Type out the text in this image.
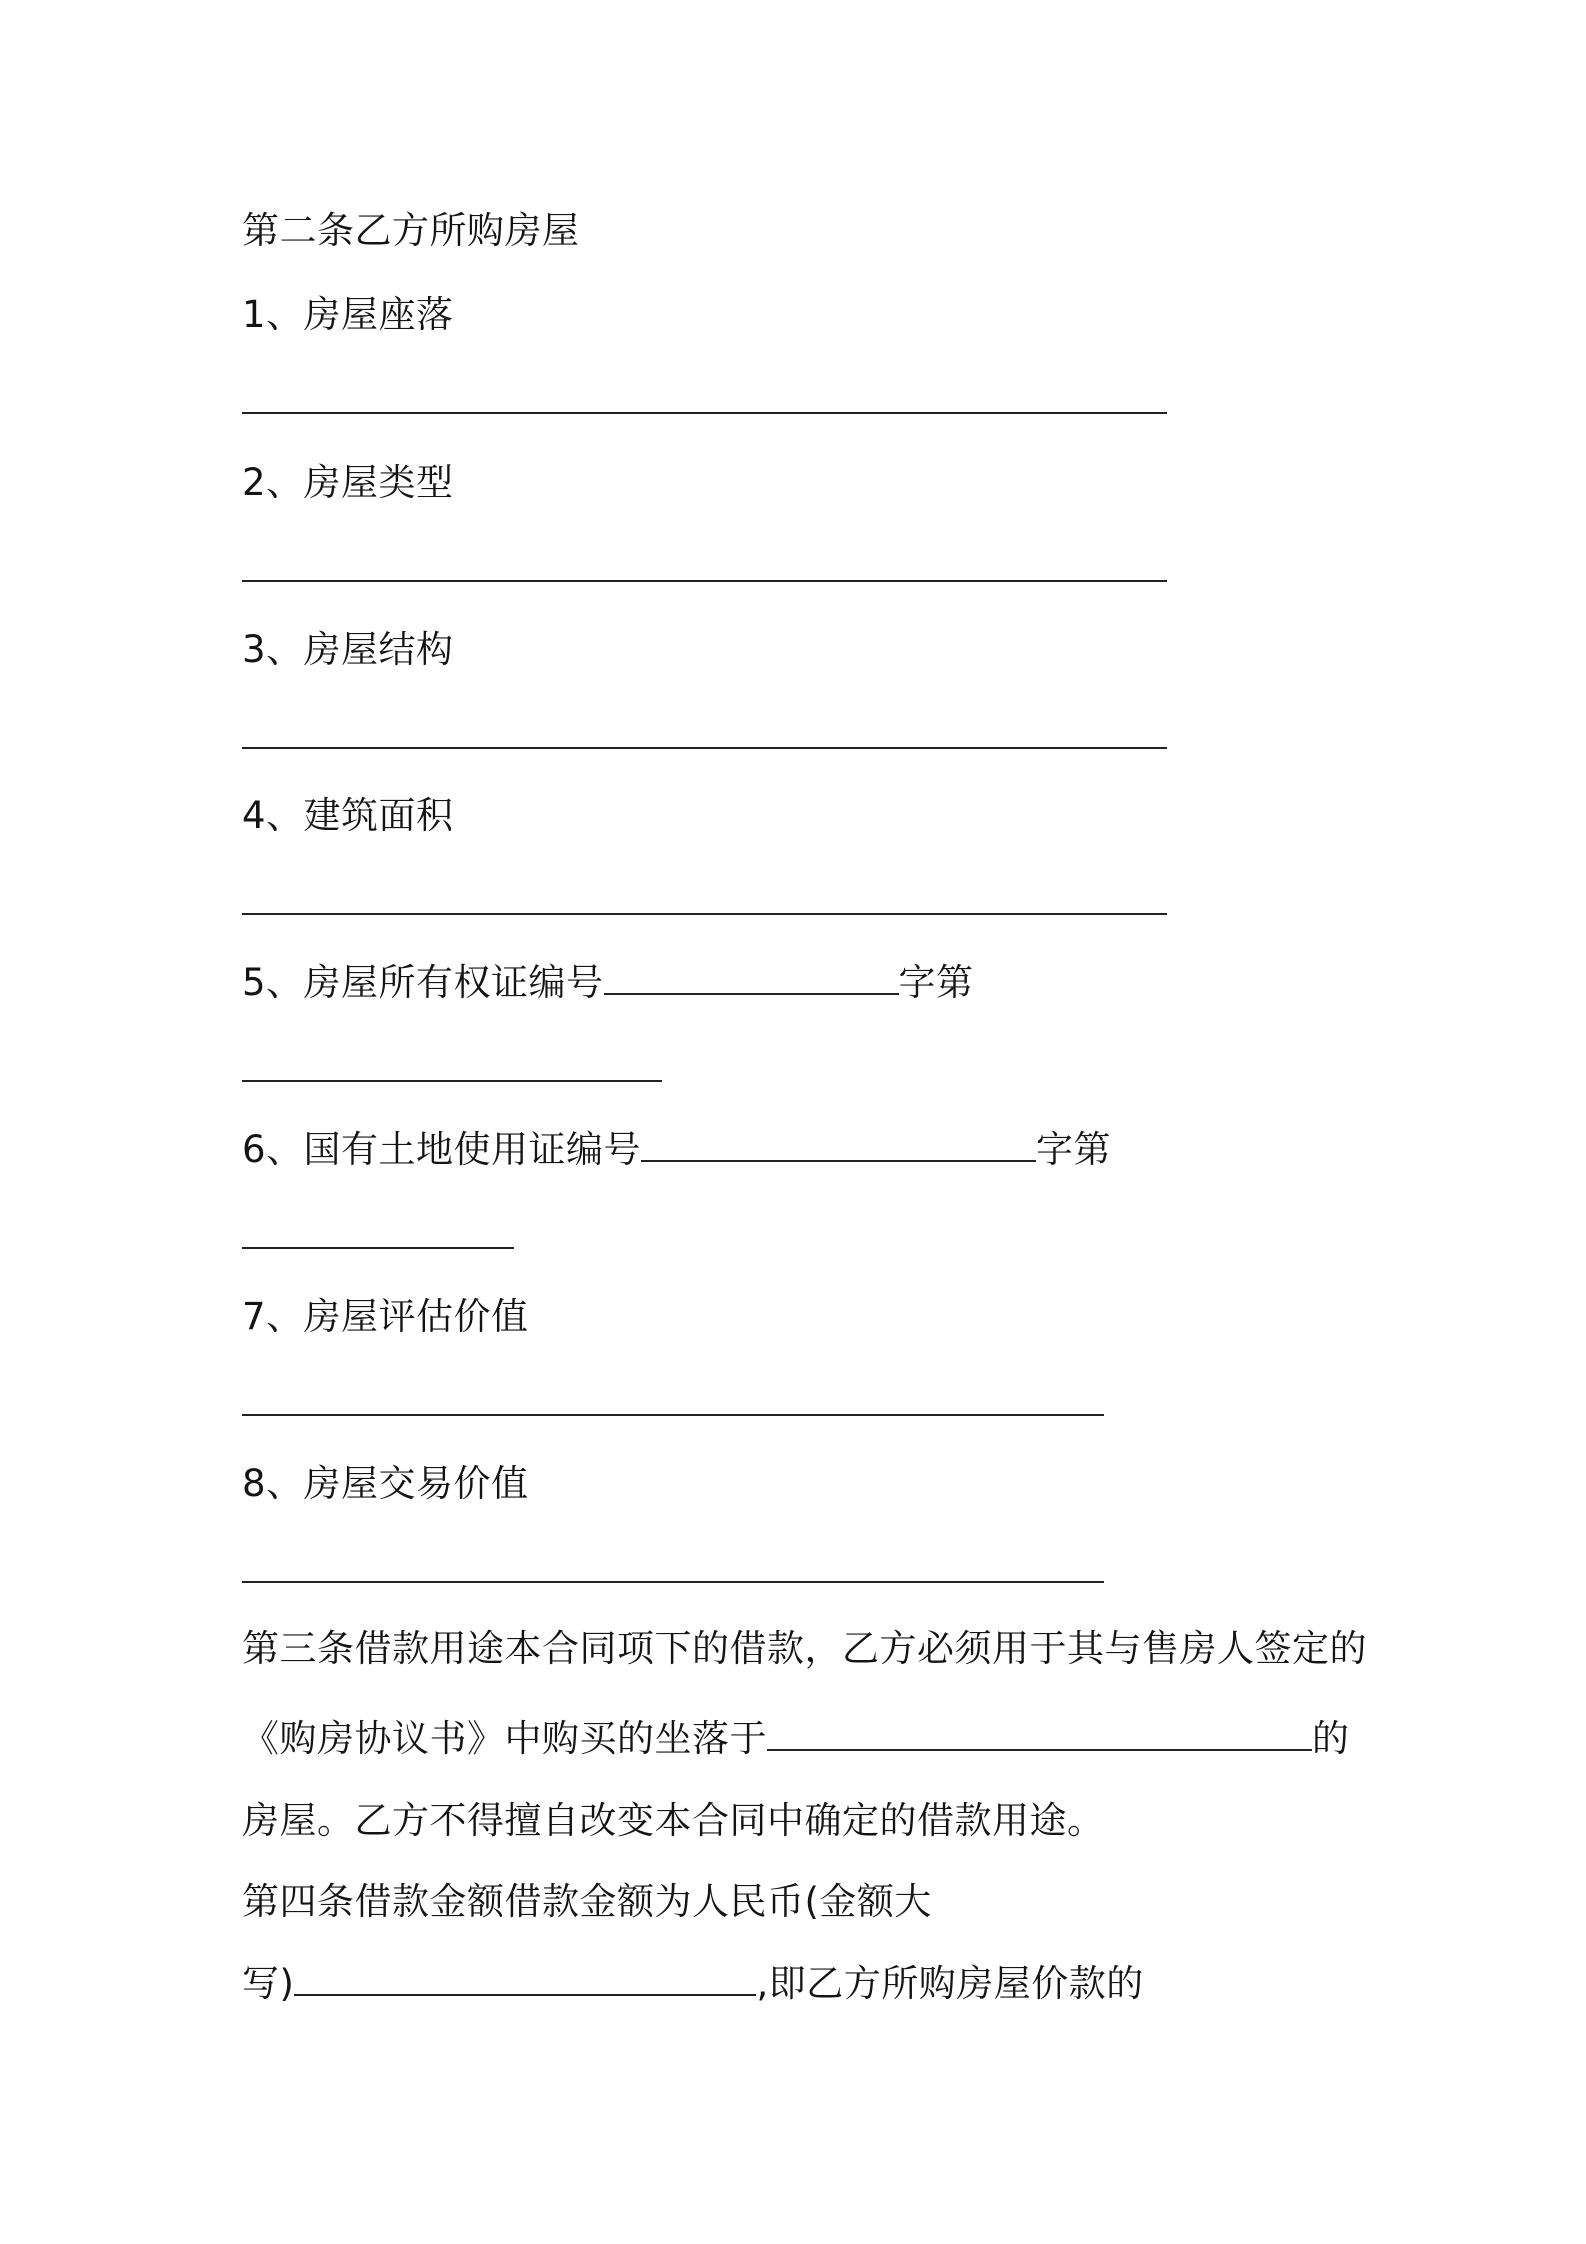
第二条乙方所购房屋
1、房屋座落
2、房屋类型
3、房屋结构
4、建筑面积
5、房屋所有权证编号	字第
6、国有土地使用证编号	字第
7、房屋评估价值
8、房屋交易价值
第三条借款用途本合同项下的借款，乙方必须用于其与售房人签定的
《购房协议书》中购买的坐落于	的
房屋。乙方不得擅自改变本合同中确定的借款用途。
第四条借款金额借款金额为人民币(金额大
写)	,即乙方所购房屋价款的
